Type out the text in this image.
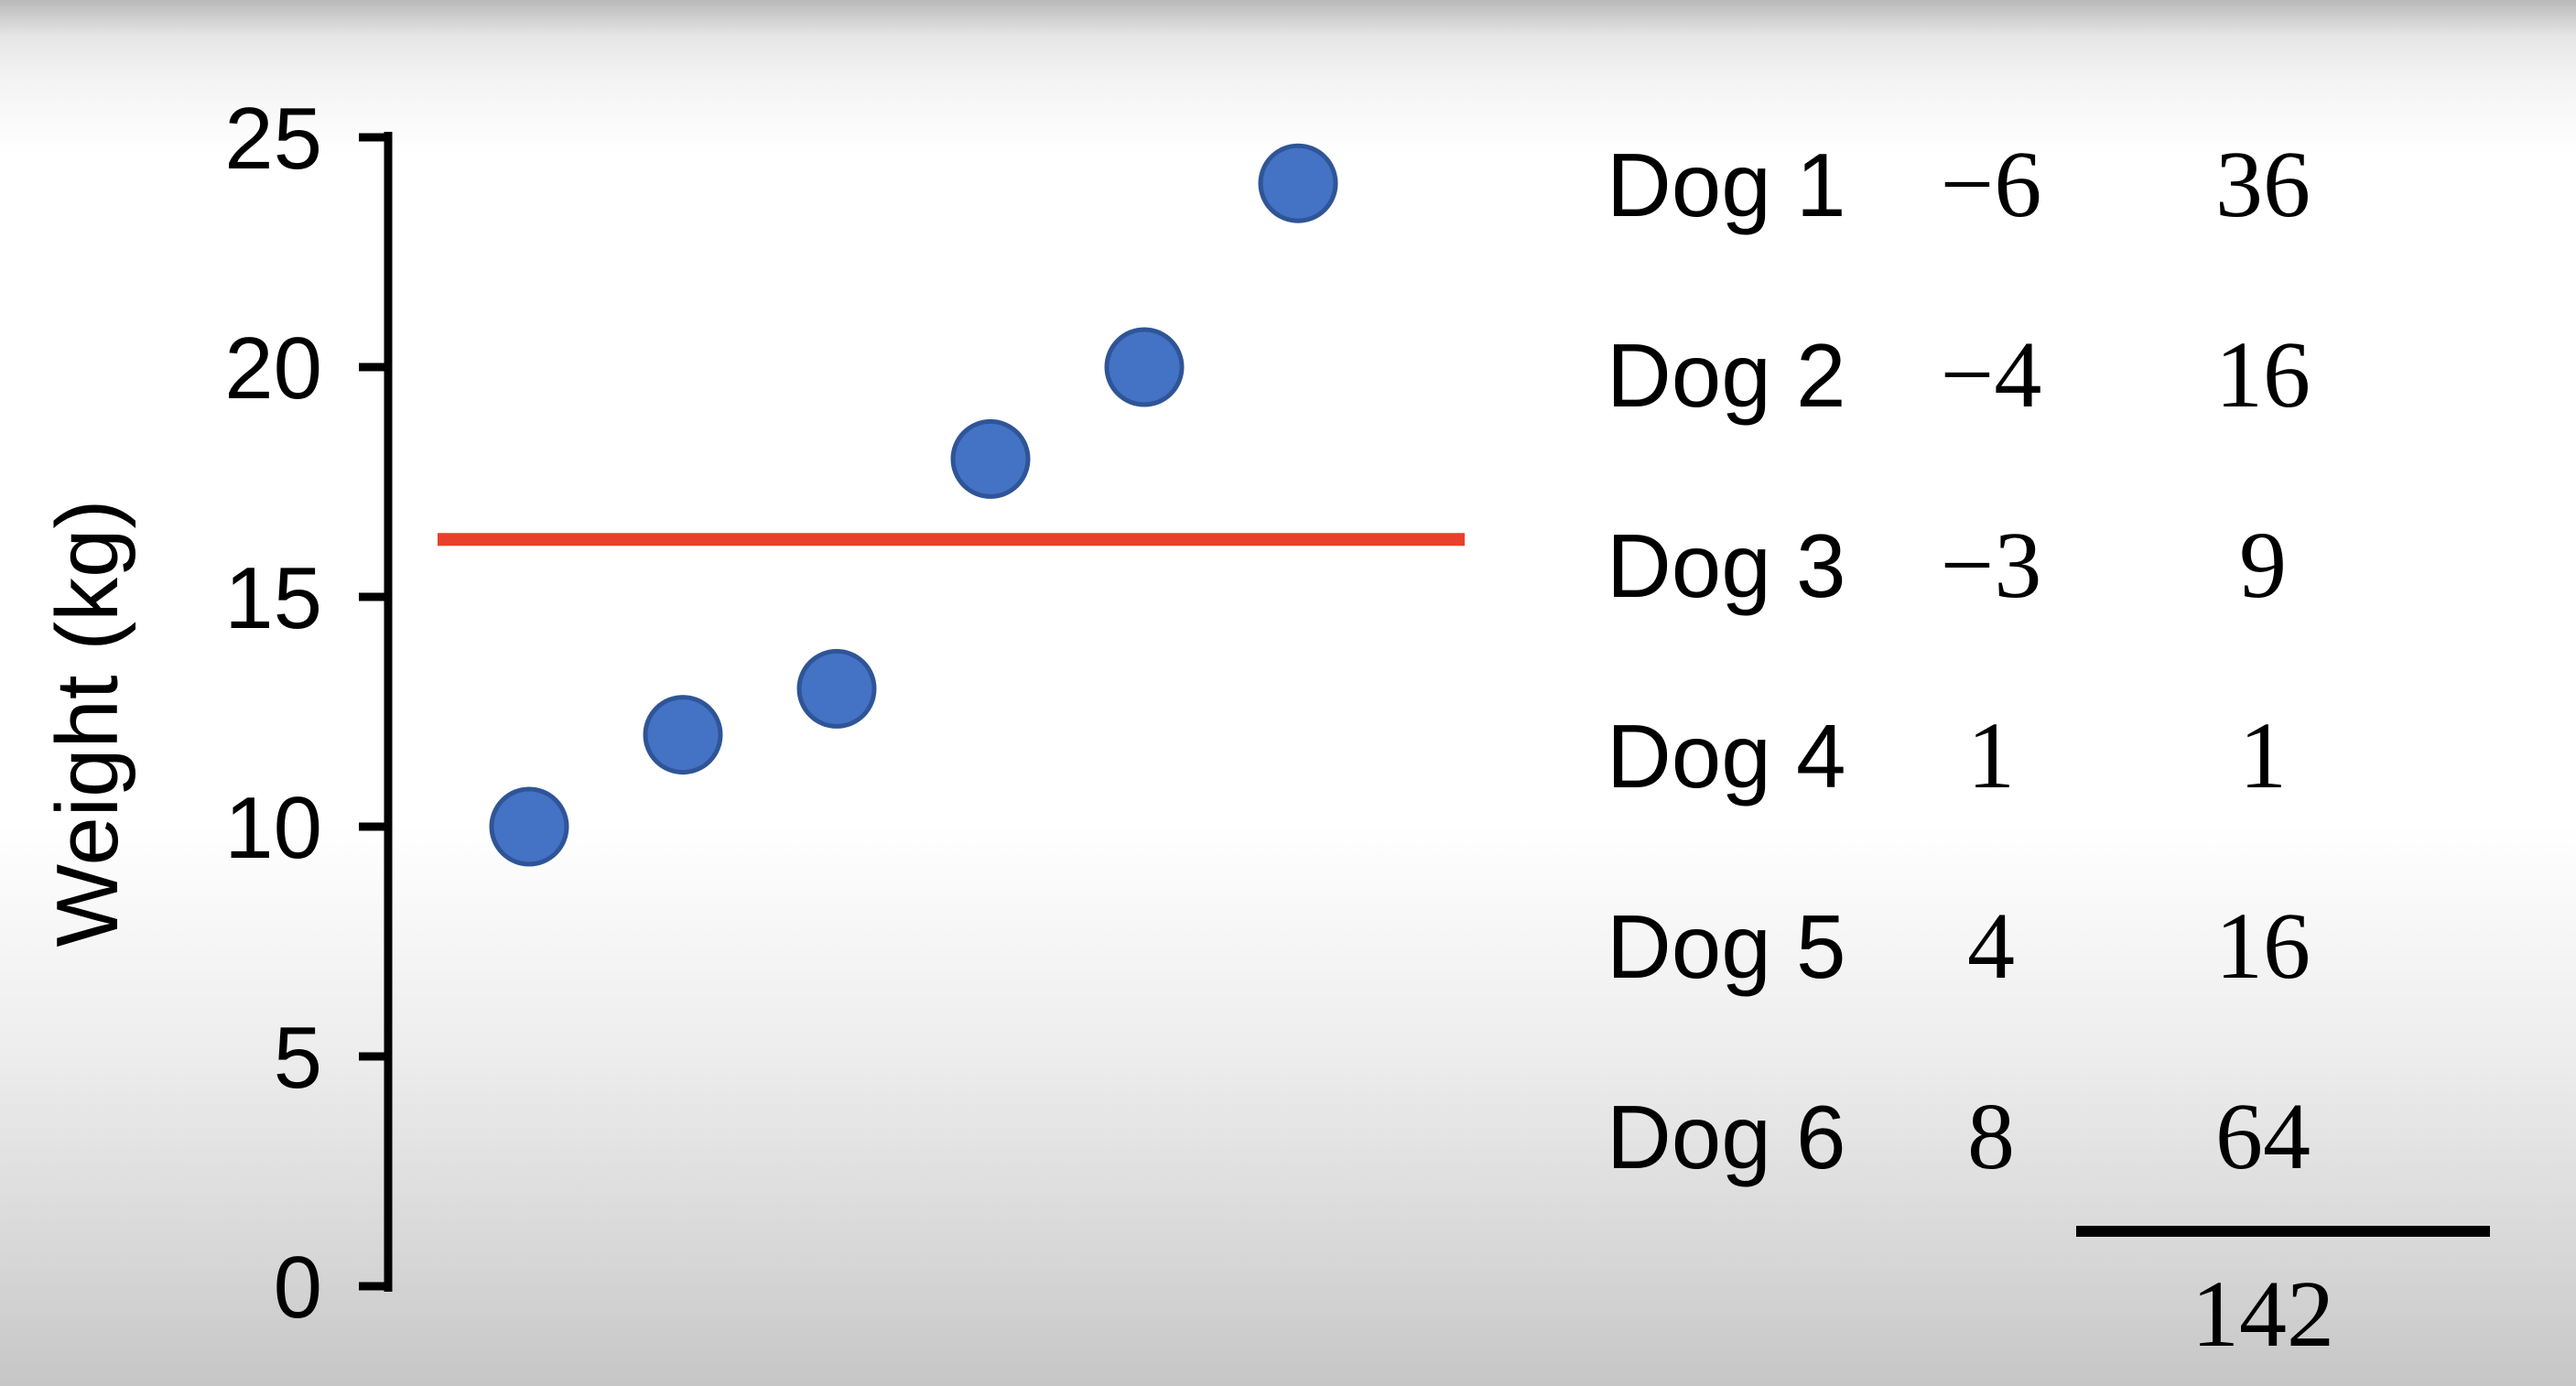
Weight (kg)
0
5
10
15
20
25	Dog 1 −6 36
Dog 2 −4 16
Dog 3 −3 9
Dog 4 1 1
Dog 5 4 16
Dog 6 8 64
142
